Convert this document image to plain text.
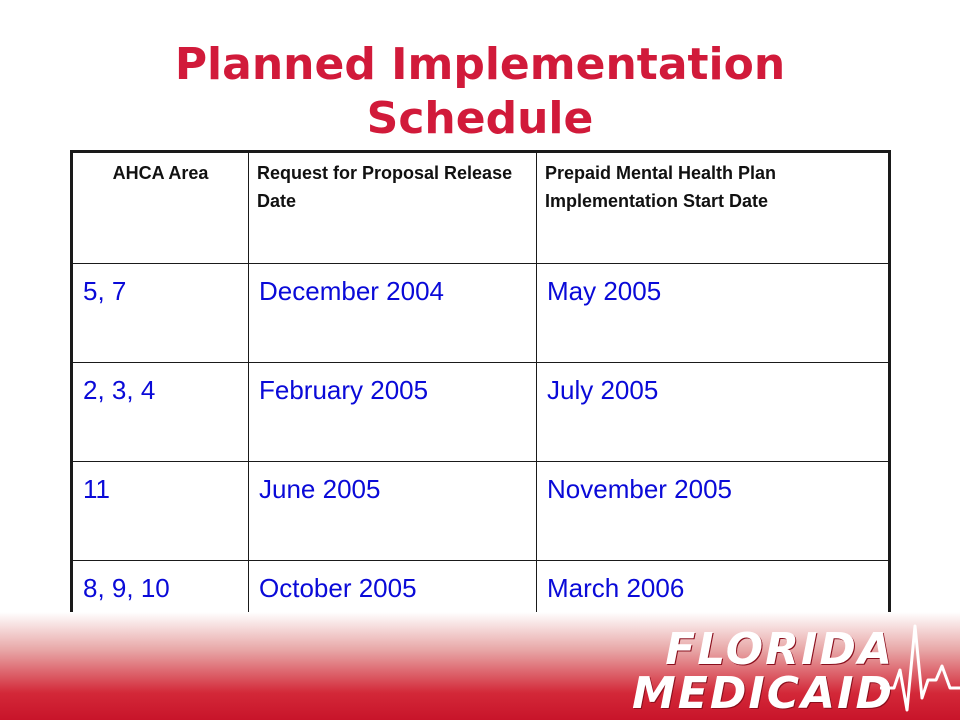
Planned Implementation
Schedule
AHCA Area	Request for Proposal Release Date	Prepaid Mental Health Plan Implementation Start Date
5, 7	December 2004	May 2005
2, 3, 4	February 2005	July 2005
11	June 2005	November 2005
8, 9, 10	October 2005	March 2006
FLORIDA
MEDICAID
